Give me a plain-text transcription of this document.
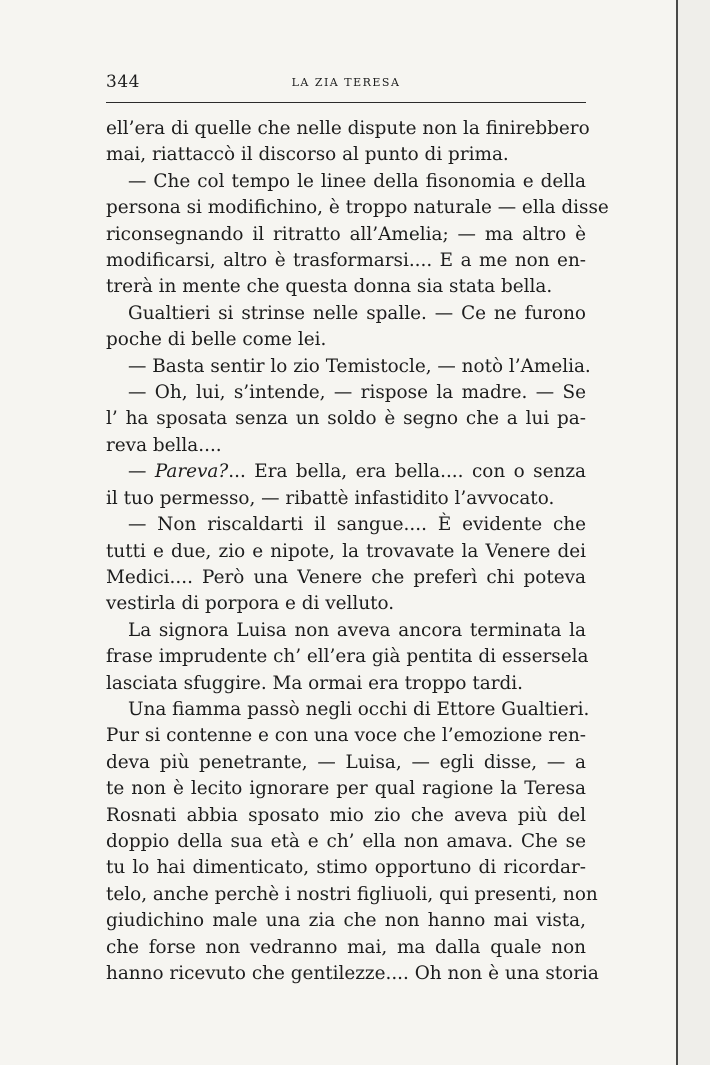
344	LA ZIA TERESA

ell’era di quelle che nelle dispute non la finirebbero
mai, riattaccò il discorso al punto di prima.

— Che col tempo le linee della fisonomia e della
persona si modifichino, è troppo naturale — ella disse
riconsegnando il ritratto all’Amelia; — ma altro è
modificarsi, altro è trasformarsi.... E a me non en-
trerà in mente che questa donna sia stata bella.

Gualtieri si strinse nelle spalle. — Ce ne furono
poche di belle come lei.

— Basta sentir lo zio Temistocle, — notò l’Amelia.

— Oh, lui, s’intende, — rispose la madre. — Se
l’ ha sposata senza un soldo è segno che a lui pa-
reva bella....

— Pareva?... Era bella, era bella.... con o senza
il tuo permesso, — ribattè infastidito l’avvocato.

— Non riscaldarti il sangue.... È evidente che
tutti e due, zio e nipote, la trovavate la Venere dei
Medici.... Però una Venere che preferì chi poteva
vestirla di porpora e di velluto.

La signora Luisa non aveva ancora terminata la
frase imprudente ch’ ell’era già pentita di essersela
lasciata sfuggire. Ma ormai era troppo tardi.

Una fiamma passò negli occhi di Ettore Gualtieri.
Pur si contenne e con una voce che l’emozione ren-
deva più penetrante, — Luisa, — egli disse, — a
te non è lecito ignorare per qual ragione la Teresa
Rosnati abbia sposato mio zio che aveva più del
doppio della sua età e ch’ ella non amava. Che se
tu lo hai dimenticato, stimo opportuno di ricordar-
telo, anche perchè i nostri figliuoli, qui presenti, non
giudichino male una zia che non hanno mai vista,
che forse non vedranno mai, ma dalla quale non
hanno ricevuto che gentilezze.... Oh non è una storia
